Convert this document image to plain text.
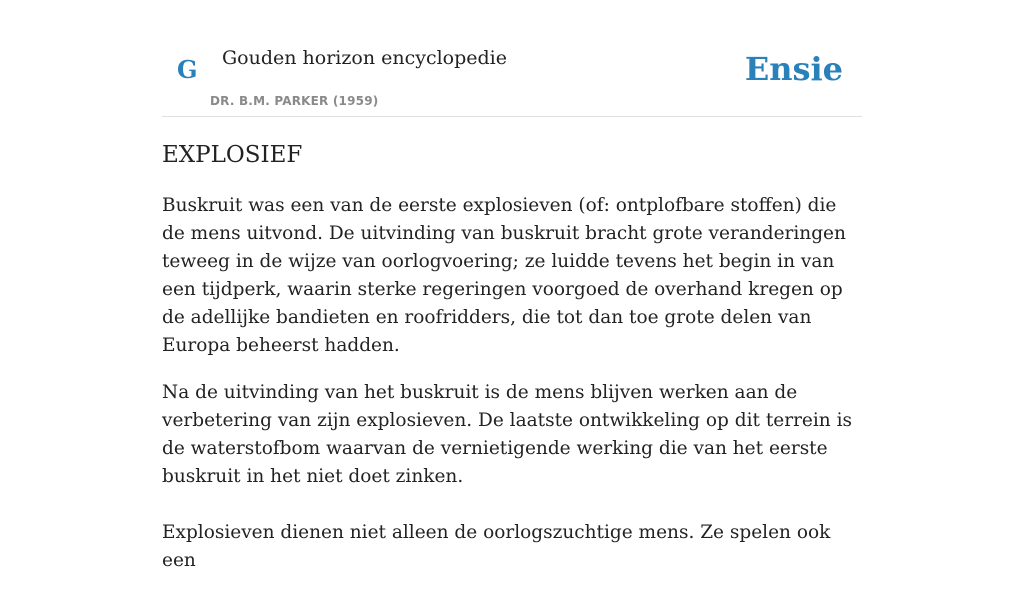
G Gouden horizon encyclopedie
DR. B.M. PARKER (1959)
Ensie
EXPLOSIEF

Buskruit was een van de eerste explosieven (of: ontplofbare stoffen) die de mens uitvond. De uitvinding van buskruit bracht grote veranderingen teweeg in de wijze van oorlogvoering; ze luidde tevens het begin in van een tijdperk, waarin sterke regeringen voorgoed de overhand kregen op de adellijke bandieten en roofridders, die tot dan toe grote delen van Europa beheerst hadden.

Na de uitvinding van het buskruit is de mens blijven werken aan de verbetering van zijn explosieven. De laatste ontwikkeling op dit terrein is de waterstofbom waarvan de vernietigende werking die van het eerste buskruit in het niet doet zinken.

Explosieven dienen niet alleen de oorlogszuchtige mens. Ze spelen ook een
